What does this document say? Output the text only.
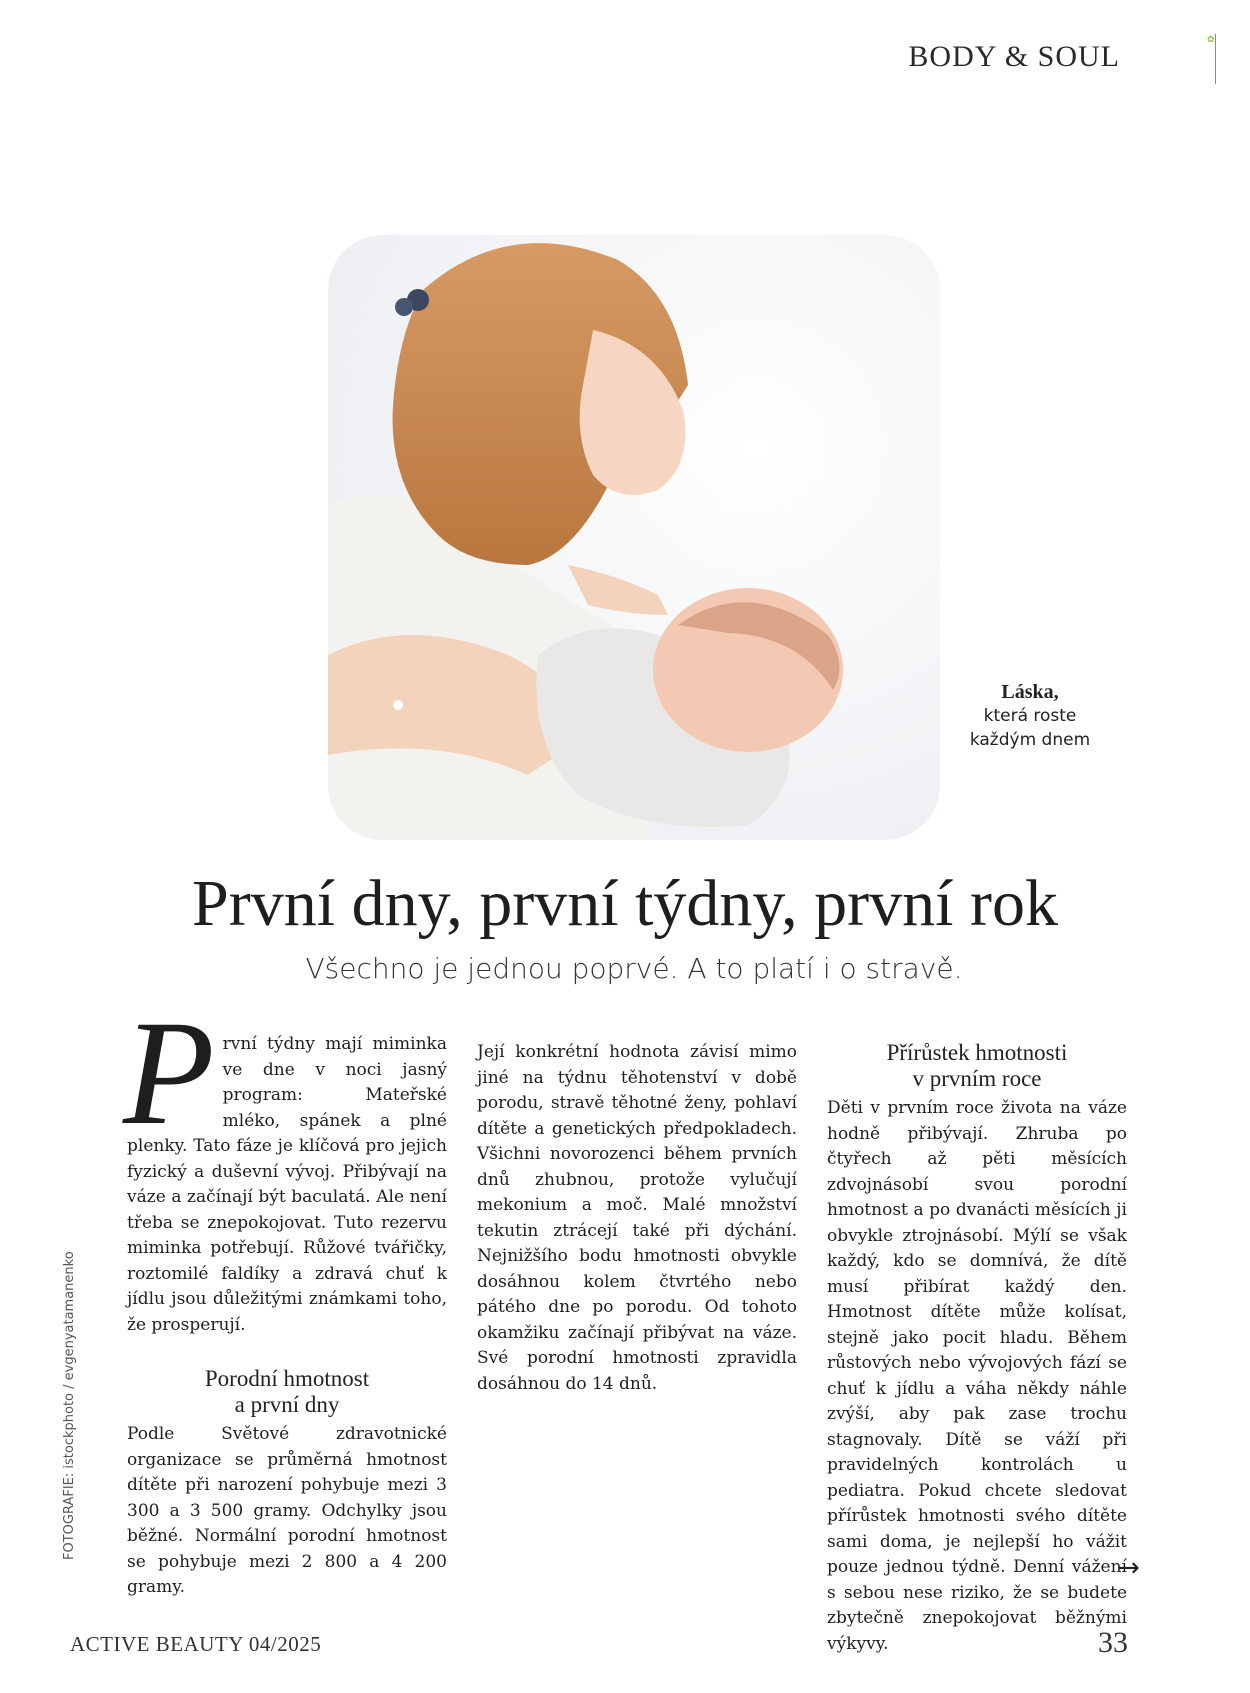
BODY & SOUL
✿
Láska,
která roste
každým dnem
První dny, první týdny, první rok
Všechno je jednou poprvé. A to platí i o stravě.
P rvní týdny mají miminka ve dne v noci jasný program: Mateřské mléko, spánek a plné plenky. Tato fáze je klíčová pro jejich fyzický a duševní vývoj. Přibývají na váze a začínají být baculatá. Ale není třeba se znepokojovat. Tuto rezervu miminka potřebují. Růžové tvářičky, roztomilé faldíky a zdravá chuť k jídlu jsou důležitými známkami toho, že prosperují.
Porodní hmotnost
a první dny
Podle Světové zdravotnické organizace se průměrná hmotnost dítěte při narození pohybuje mezi 3 300 a 3 500 gramy. Odchylky jsou běžné. Normální porodní hmotnost se pohybuje mezi 2 800 a 4 200 gramy.
Její konkrétní hodnota závisí mimo jiné na týdnu těhotenství v době porodu, stravě těhotné ženy, pohlaví dítěte a genetických předpokladech. Všichni novorozenci během prvních dnů zhubnou, protože vylučují mekonium a moč. Malé množství tekutin ztrácejí také při dýchání. Nejnižšího bodu hmotnosti obvykle dosáhnou kolem čtvrtého nebo pátého dne po porodu. Od tohoto okamžiku začínají přibývat na váze. Své porodní hmotnosti zpravidla dosáhnou do 14 dnů.
Přírůstek hmotnosti
v prvním roce
Děti v prvním roce života na váze hodně přibývají. Zhruba po čtyřech až pěti měsících zdvojnásobí svou porodní hmotnost a po dvanácti měsících ji obvykle ztrojnásobí. Mýlí se však každý, kdo se domnívá, že dítě musí přibírat každý den. Hmotnost dítěte může kolísat, stejně jako pocit hladu. Během růstových nebo vývojových fází se chuť k jídlu a váha někdy náhle zvýší, aby pak zase trochu stagnovaly. Dítě se váží při pravidelných kontrolách u pediatra. Pokud chcete sledovat přírůstek hmotnosti svého dítěte sami doma, je nejlepší ho vážit pouze jednou týdně. Denní vážení s sebou nese riziko, že se budete zbytečně znepokojovat běžnými výkyvy.
FOTOGRAFIE: istockphoto / evgenyatamanenko
→
ACTIVE BEAUTY 04/2025	33
